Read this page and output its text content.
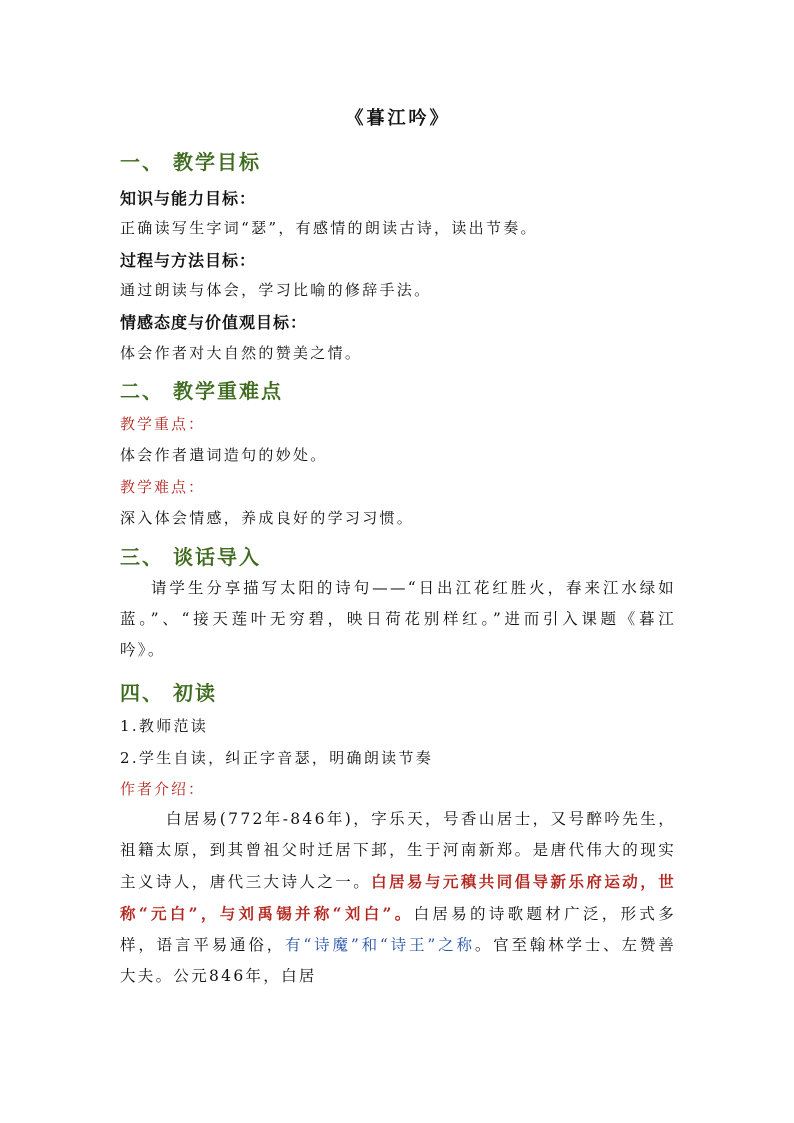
《暮江吟》
一、 教学目标
知识与能力目标：
正确读写生字词“瑟”，有感情的朗读古诗，读出节奏。
过程与方法目标：
通过朗读与体会，学习比喻的修辞手法。
情感态度与价值观目标：
体会作者对大自然的赞美之情。
二、 教学重难点
教学重点：
体会作者遣词造句的妙处。
教学难点：
深入体会情感，养成良好的学习习惯。
三、 谈话导入
请学生分享描写太阳的诗句——“日出江花红胜火，春来江水绿如蓝。”、“接天莲叶无穷碧，映日荷花别样红。”进而引入课题《暮江吟》。
四、 初读
1.教师范读
2.学生自读，纠正字音瑟，明确朗读节奏
作者介绍：
白居易(772年-846年)，字乐天，号香山居士，又号醉吟先生，祖籍太原，到其曾祖父时迁居下邽，生于河南新郑。是唐代伟大的现实主义诗人，唐代三大诗人之一。白居易与元稹共同倡导新乐府运动，世称“元白”，与刘禹锡并称“刘白”。白居易的诗歌题材广泛，形式多样，语言平易通俗，有“诗魔”和“诗王”之称。官至翰林学士、左赞善大夫。公元846年，白居
